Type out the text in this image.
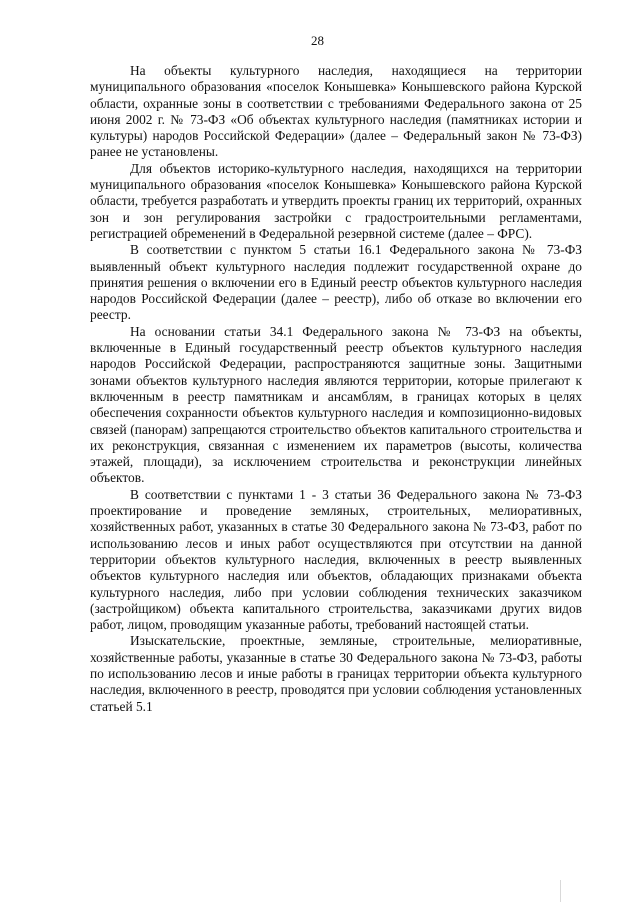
28

На объекты культурного наследия, находящиеся на территории муниципального образования «поселок Конышевка» Конышевского района Курской области, охранные зоны в соответствии с требованиями Федерального закона от 25 июня 2002 г. № 73-ФЗ «Об объектах культурного наследия (памятниках истории и культуры) народов Российской Федерации» (далее – Федеральный закон № 73-ФЗ) ранее не установлены.

Для объектов историко-культурного наследия, находящихся на территории муниципального образования «поселок Конышевка» Конышевского района Курской области, требуется разработать и утвердить проекты границ их территорий, охранных зон и зон регулирования застройки с градостроительными регламентами, регистрацией обременений в Федеральной резервной системе (далее – ФРС).

В соответствии с пунктом 5 статьи 16.1 Федерального закона № 73-ФЗ выявленный объект культурного наследия подлежит государственной охране до принятия решения о включении его в Единый реестр объектов культурного наследия народов Российской Федерации (далее – реестр), либо об отказе во включении его реестр.

На основании статьи 34.1 Федерального закона № 73-ФЗ на объекты, включенные в Единый государственный реестр объектов культурного наследия народов Российской Федерации, распространяются защитные зоны. Защитными зонами объектов культурного наследия являются территории, которые прилегают к включенным в реестр памятникам и ансамблям, в границах которых в целях обеспечения сохранности объектов культурного наследия и композиционно-видовых связей (панорам) запрещаются строительство объектов капитального строительства и их реконструкция, связанная с изменением их параметров (высоты, количества этажей, площади), за исключением строительства и реконструкции линейных объектов.

В соответствии с пунктами 1 - 3 статьи 36 Федерального закона № 73-ФЗ проектирование и проведение земляных, строительных, мелиоративных, хозяйственных работ, указанных в статье 30 Федерального закона № 73-ФЗ, работ по использованию лесов и иных работ осуществляются при отсутствии на данной территории объектов культурного наследия, включенных в реестр выявленных объектов культурного наследия или объектов, обладающих признаками объекта культурного наследия, либо при условии соблюдения технических заказчиком (застройщиком) объекта капитального строительства, заказчиками других видов работ, лицом, проводящим указанные работы, требований настоящей статьи.

Изыскательские, проектные, земляные, строительные, мелиоративные, хозяйственные работы, указанные в статье 30 Федерального закона № 73-ФЗ, работы по использованию лесов и иные работы в границах территории объекта культурного наследия, включенного в реестр, проводятся при условии соблюдения установленных статьей 5.1
